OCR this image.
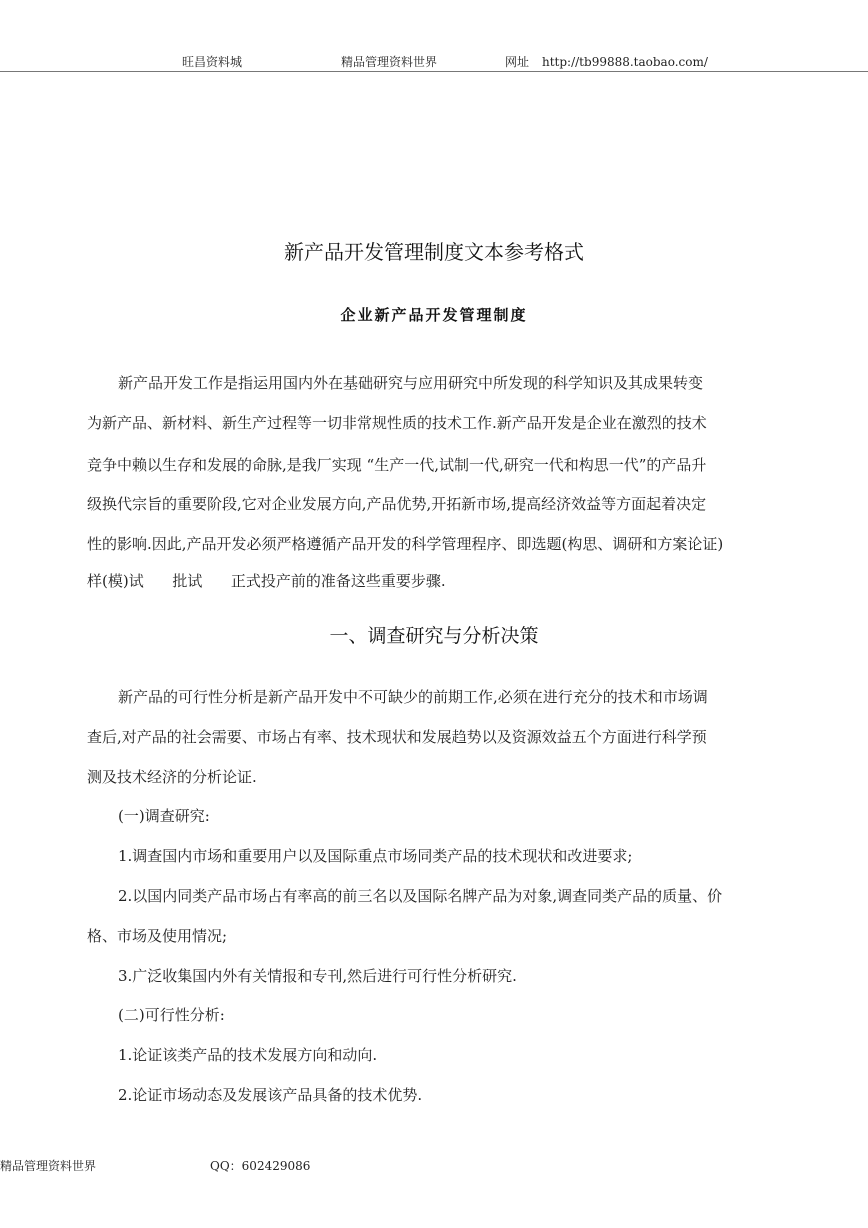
旺昌资料城	精品管理资料世界	网址 http://tb99888.taobao.com/
新产品开发管理制度文本参考格式
企业新产品开发管理制度
新产品开发工作是指运用国内外在基础研究与应用研究中所发现的科学知识及其成果转变
为新产品、新材料、新生产过程等一切非常规性质的技术工作.新产品开发是企业在激烈的技术
竞争中赖以生存和发展的命脉,是我厂实现 “生产一代,试制一代,研究一代和构思一代”的产品升
级换代宗旨的重要阶段,它对企业发展方向,产品优势,开拓新市场,提高经济效益等方面起着决定
性的影响.因此,产品开发必须严格遵循产品开发的科学管理程序、即选题(构思、调研和方案论证)
样(模)试      批试      正式投产前的准备这些重要步骤.
一、调查研究与分析决策
新产品的可行性分析是新产品开发中不可缺少的前期工作,必须在进行充分的技术和市场调
查后,对产品的社会需要、市场占有率、技术现状和发展趋势以及资源效益五个方面进行科学预
测及技术经济的分析论证.
(一)调查研究:
1.调查国内市场和重要用户以及国际重点市场同类产品的技术现状和改进要求;
2.以国内同类产品市场占有率高的前三名以及国际名牌产品为对象,调查同类产品的质量、价
格、市场及使用情况;
3.广泛收集国内外有关情报和专刊,然后进行可行性分析研究.
(二)可行性分析:
1.论证该类产品的技术发展方向和动向.
2.论证市场动态及发展该产品具备的技术优势.
精品管理资料世界	QQ：602429086
